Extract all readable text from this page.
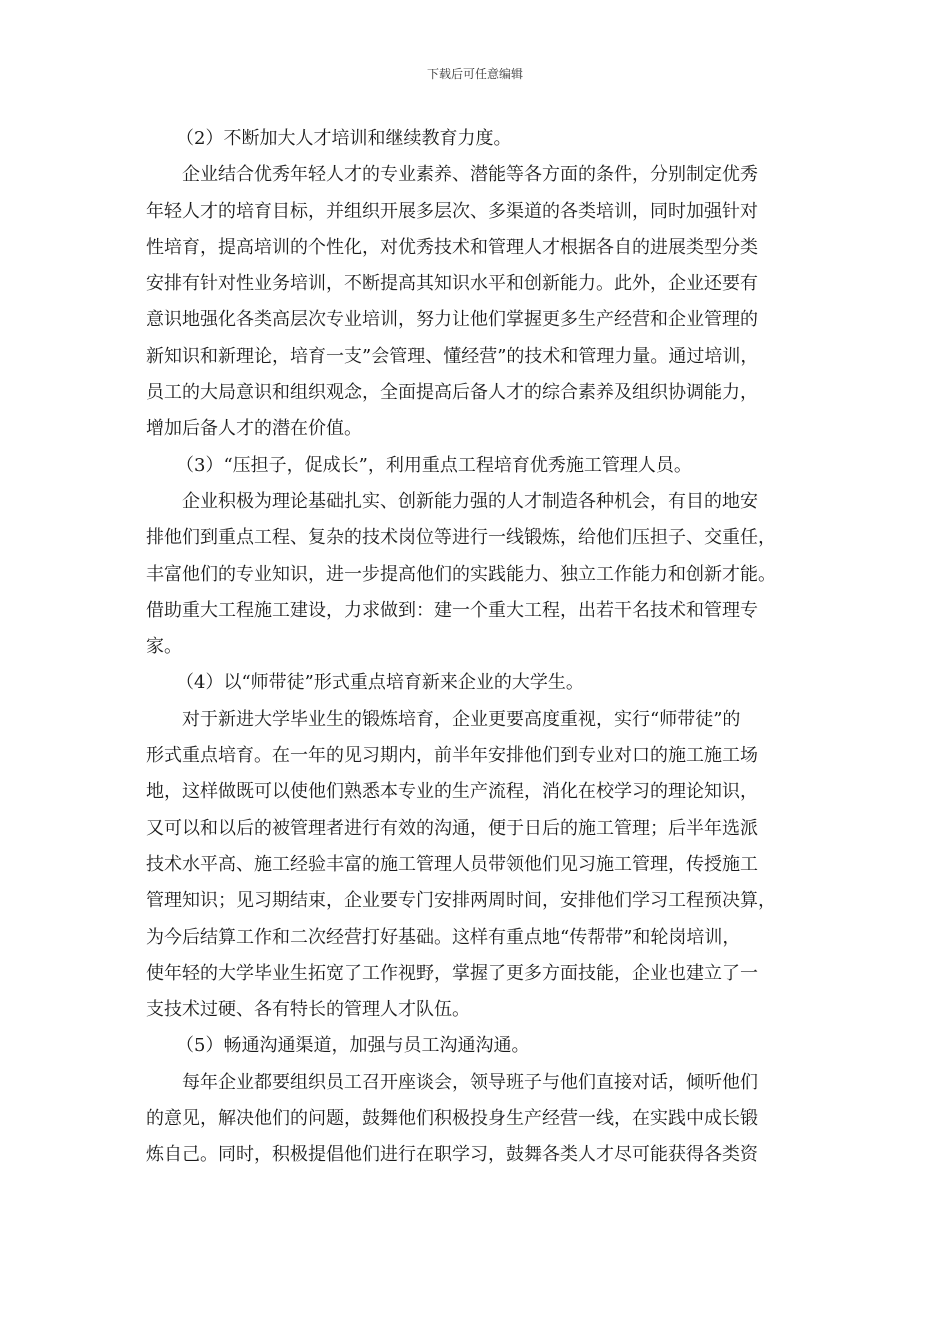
下载后可任意编辑

（2）不断加大人才培训和继续教育力度。

企业结合优秀年轻人才的专业素养、潜能等各方面的条件，分别制定优秀
年轻人才的培育目标，并组织开展多层次、多渠道的各类培训，同时加强针对
性培育，提高培训的个性化，对优秀技术和管理人才根据各自的进展类型分类
安排有针对性业务培训，不断提高其知识水平和创新能力。此外，企业还要有
意识地强化各类高层次专业培训，努力让他们掌握更多生产经营和企业管理的
新知识和新理论，培育一支”会管理、懂经营”的技术和管理力量。通过培训，
员工的大局意识和组织观念，全面提高后备人才的综合素养及组织协调能力，
增加后备人才的潜在价值。

（3）“压担子，促成长”，利用重点工程培育优秀施工管理人员。

企业积极为理论基础扎实、创新能力强的人才制造各种机会，有目的地安
排他们到重点工程、复杂的技术岗位等进行一线锻炼，给他们压担子、交重任，
丰富他们的专业知识，进一步提高他们的实践能力、独立工作能力和创新才能。
借助重大工程施工建设，力求做到：建一个重大工程，出若干名技术和管理专
家。

（4）以“师带徒”形式重点培育新来企业的大学生。

对于新进大学毕业生的锻炼培育，企业更要高度重视，实行“师带徒”的
形式重点培育。在一年的见习期内，前半年安排他们到专业对口的施工施工场
地，这样做既可以使他们熟悉本专业的生产流程，消化在校学习的理论知识，
又可以和以后的被管理者进行有效的沟通，便于日后的施工管理；后半年选派
技术水平高、施工经验丰富的施工管理人员带领他们见习施工管理，传授施工
管理知识；见习期结束，企业要专门安排两周时间，安排他们学习工程预决算，
为今后结算工作和二次经营打好基础。这样有重点地“传帮带”和轮岗培训，
使年轻的大学毕业生拓宽了工作视野，掌握了更多方面技能，企业也建立了一
支技术过硬、各有特长的管理人才队伍。

（5）畅通沟通渠道，加强与员工沟通沟通。

每年企业都要组织员工召开座谈会，领导班子与他们直接对话，倾听他们
的意见，解决他们的问题，鼓舞他们积极投身生产经营一线，在实践中成长锻
炼自己。同时，积极提倡他们进行在职学习，鼓舞各类人才尽可能获得各类资
